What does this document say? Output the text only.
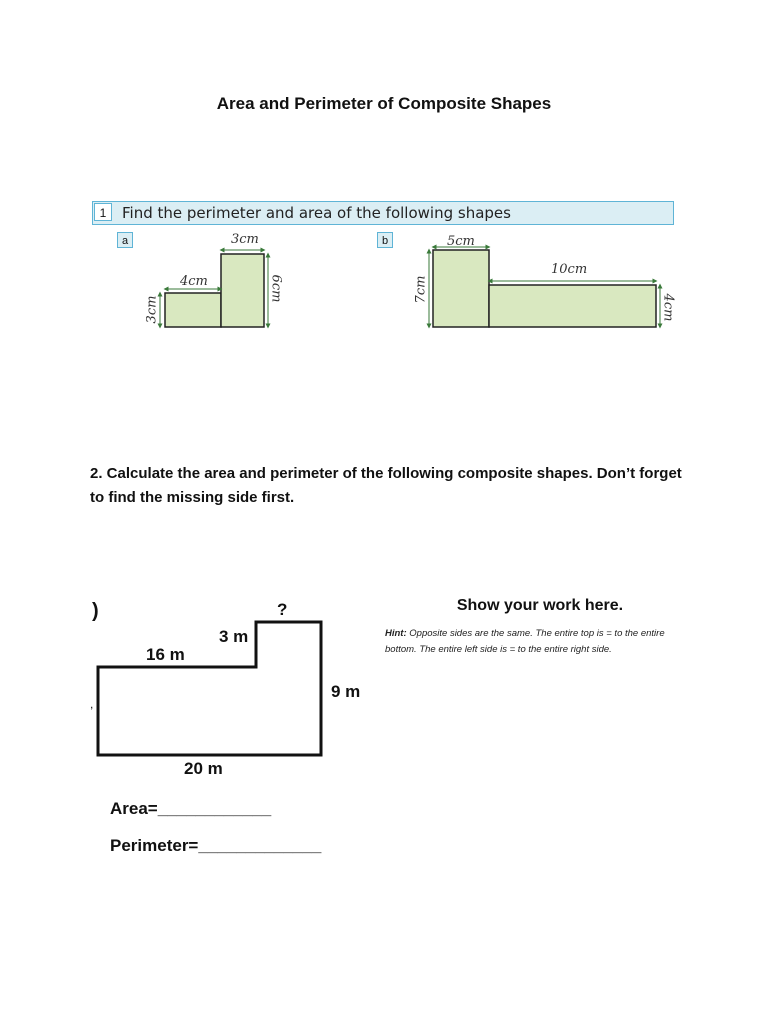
Area and Perimeter of Composite Shapes
1	Find the perimeter and area of the following shapes
a	b
3cm
4cm
3cm
6cm
5cm
10cm
7cm
4cm
2. Calculate the area and perimeter of the following composite shapes. Don’t forget to find the missing side first.
)
,
?
3 m
16 m
9 m
20 m
Show your work here.
Hint: Opposite sides are the same. The entire top is = to the entire bottom. The entire left side is = to the entire right side.
Area=____________
Perimeter=_____________
